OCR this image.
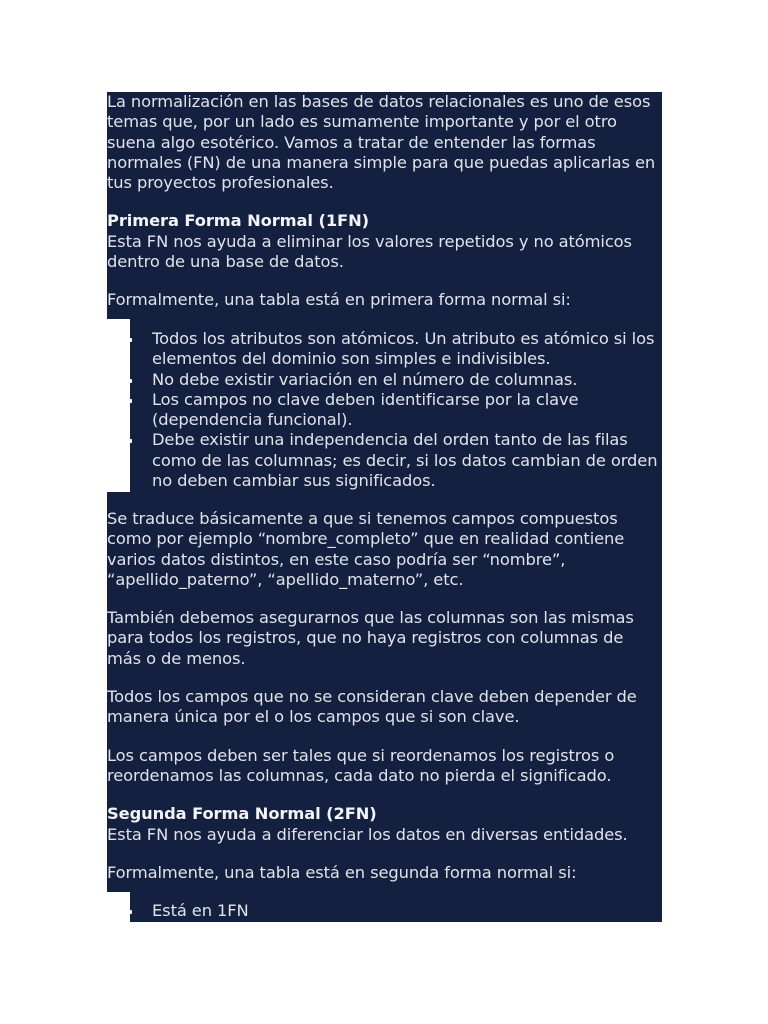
La normalización en las bases de datos relacionales es uno de esos temas que, por un lado es sumamente importante y por el otro suena algo esotérico. Vamos a tratar de entender las formas normales (FN) de una manera simple para que puedas aplicarlas en tus proyectos profesionales.

Primera Forma Normal (1FN)

Esta FN nos ayuda a eliminar los valores repetidos y no atómicos dentro de una base de datos.

Formalmente, una tabla está en primera forma normal si:

Todos los atributos son atómicos. Un atributo es atómico si los elementos del dominio son simples e indivisibles.
No debe existir variación en el número de columnas.
Los campos no clave deben identificarse por la clave (dependencia funcional).
Debe existir una independencia del orden tanto de las filas como de las columnas; es decir, si los datos cambian de orden no deben cambiar sus significados.

Se traduce básicamente a que si tenemos campos compuestos como por ejemplo “nombre_completo” que en realidad contiene varios datos distintos, en este caso podría ser “nombre”, “apellido_paterno”, “apellido_materno”, etc.

También debemos asegurarnos que las columnas son las mismas para todos los registros, que no haya registros con columnas de más o de menos.

Todos los campos que no se consideran clave deben depender de manera única por el o los campos que si son clave.

Los campos deben ser tales que si reordenamos los registros o reordenamos las columnas, cada dato no pierda el significado.

Segunda Forma Normal (2FN)

Esta FN nos ayuda a diferenciar los datos en diversas entidades.

Formalmente, una tabla está en segunda forma normal si:

Está en 1FN
